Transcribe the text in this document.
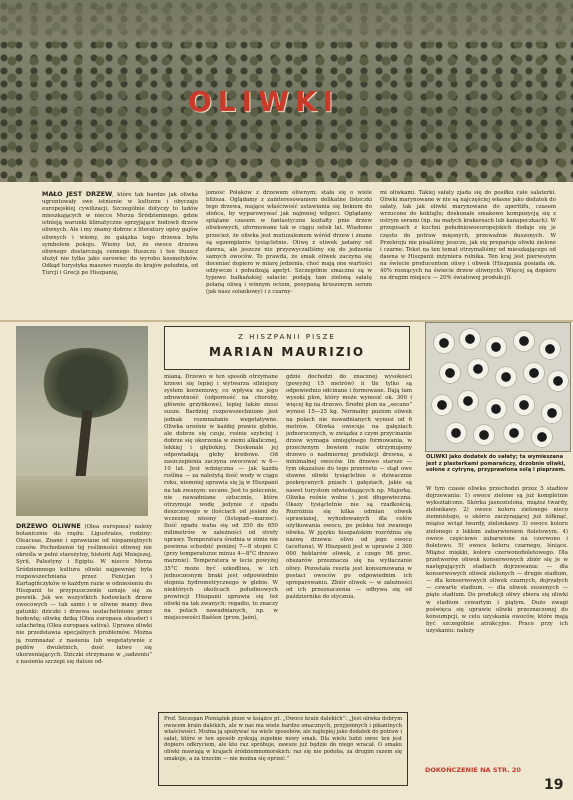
OLIWKI

MAŁO JEST DRZEW, które tak bardzo jak oliwka ugruntowały swe istnienie w kulturze i obyczaju europejskiej cywilizacji. Szczególnie dotyczy to ludów mieszkających w niecce Morza Śródziemnego, gdzie istnieją warunki klimatyczne sprzyjające hodowli drzew oliwnych. Ale i my znamy dobrze z literatury opisy gajów oliwnych i wiemy, że gałązka tego drzewa była symbolem pokoju. Wiemy też, że owoce drzewa oliwnego dostarczają cennego tłuszczu i ten tłuszcz służył nie tylko jako surowiec do wyrobu kosmetyków. Odkąd turystyka masowo ruszyła do krajów południa, od Turcji i Grecji po Hiszpanię,

jomość Polaków z drzewem oliwnym; stała się o wiele bliższa. Oglądamy z zainteresowaniem delikatne listeczki tego drzewa, mające właściwość ustawiania się bokiem do słońca, by wyparowywać jak najmniej wilgoci. Oglądamy splątane czasem w fantastyczne kształty pnie drzew oliwkowych, uformowane tak w ciągu setek lat. Wiadomo przecież, że oliwka jest mutuzalemem wśród drzew i znane są egzemplarze tysiącletnie. Oliwę z oliwek jadamy od dawna, ale jeszcze nie przyzwyczailiśmy się do jedzenia samych owoców. To prawda, że smak oliwek zaczyna się doceniać dopiero w miarę jedzenia, choć mają one wartości odżywcze i pobudzają apetyt. Szczególnie smaczne są w typowo bałkańskiej sałacie: podają tam zieloną sałatę polaną oliwą i winnym octem, posypaną kruszonym serem (jak nasz solankowy) i z czarny-

mi oliwkami. Takiej sałaty zjada się do posiłku całe salaterki. Oliwki marynowane w nie są najczęściej własne jako dodatek do sałaty, tak jak oliwki marynowane do aperitifu, czasem wrzucone do koktajlu; doskonałe smakowo kompozycją się z ostrym serami (np. na małych krakersach lub kanapeczkach). W przepisach z kuchni południowoeuropejskich dodaje się je często do potraw mięsnych, przewaźnie duszonych. W Przekroju nie pisaliśmy jeszcze, jak się preparuje oliwki zielone i czarne. Tekst na ten temat otrzymaliśmy od mieszkającego od dawna w Hiszpanii inżyniera rolnika. Ten kraj jest pierwszym na świecie producentem oliwy i oliwek (Hiszpania posiada ok. 40% rosnących na świecie drzew oliwnych). Więcej są dopiero na drugim miejscu — 20% światowej produkcji).

Z HISZPANII PISZE
MARIAN MAURIZIO

DRZEWO OLIWNE (Olea europaea) należy botanicznie do rzędu: Ligustrales, rodziny: Oleaceae. Znane i uprawiane od niepamiętnych czasów. Pochodzenie tej roślinności oliwnej nie określa w pełni starożytny, historii Azji Mniejszej, Syrii, Palestyny i Egiptu. W niecce Morza Śródziemnego kultura oliwki najpewniej była rozpowszechniana przez Fenicjan i Kartagińczyków w każdym razie w odniesieniu do Hiszpanii te przypuszczenie uznaje się za pewnik. Jak we wszystkich hodowlach drzew owocowych — tak samo i w oliwne mamy dwa gatunki: dziczki i drzewa uszlachetnione przez hodowlę; oliwkę dziką (Olea europaea oleaster) i szlachetną (Olea europaea sativa). Uprawa oliwki nie przedstawia specjalnych problemów. Można ją rozmnażać z nasienia lub wegetatywnie z pędów dwuletnich, dość łatwo się ukorzeniających. Dziczki otrzymane w „sadzeniu” z nasienia szczepi się dalsze od-

mianą. Drzewo w ten sposób otrzymane krzewi się lepiej i wytwarza silniejszy system korzeniowy, co wpływa na jego zdrowotność (odporność na choroby, głównie grzybkowe), lepiej także znosi susze. Bardziej rozpowszechnione jest jednak rozmnażanie wegetatywne. Oliwka urośnie w każdej prawie glebie, ale dobrze się czuje, rośnie szybciej i dobrze się ukorzenia w ziemi alkalicznej, lekkiej i głębokiej. Doskonale jej odpowiadają gleby kredowe. Od zaszczepienia zaczyna owocować w 6—10 lat. Jest wdzięczna — jak każda roślina — za należytą ilość wody w ciągu roku, niemniej uprawia się ją w Hiszpanii na tak zwanym: secano. Jest to polecenie, nie nawadniane sztucznie, które otrzymuje wodę jedynie z opadu deszczowego w ilościach od jesieni do wczesnej wiosny (listopad—marzec). Ilość opadu waha się od 350 do 650 milimetrów w zależności od strefy uprawy. Temperatura średnia w zimie nie powinna schodzić poniżej 7—8 stopni C (przy temperaturze minus 4—8°C drzewo marznie). Temperatura w lecie powyżej 35°C może być szkodliwa, w ich jednoczesnym braki jest odpowiednio stopnia hydrometrycznego w glebie. W niektórych okolicach południowych prowincji Hiszpanii uprawia się też oliwki na tak zwanych: regadio, to znaczy na polach nawadnianych, np. w miejscowości Baéšen (prow. Jaén),

gdzie dochodzi do znacznej wysokości (powyżej 15 metrów) ii tle tylko są odpowiednio odcinane i formowane. Dają tam wysoki plon, który może wynosić ok. 300 i więcej kg na drzewo. Średni plon na „secano” wynosi 15—25 kg. Normalny poziom oliwek na polach nie nawadnianych wynosi od 6 metrów. Oliwka owocuje na gałęziach jednorocznych, w związku z czym przycinanie drzew wymaga umiejętnego formowania, w przeciwnym bowiem razie otrzymujemy drzewo o nadmiernej produkcji drewna, a minimalnej owoców. Im drzewo starsze — tym okazalsze do tego przerostu — stąd owe stawne oliwki tysiącletnie o dziwacznie poskręcanych pniach i gałęziach, jakie są nawet turystom odwiedzających np. Majorkę. Oliwka rośnie wolno i jest długowieczna. Okazy tysiącletnie nie są rzadkością. Rozróżnia się kilka odmian oliwek uprawianej, wyhodowanych dla celów użytkowania owocu, po polsku też zwanego oliwka. W języku hiszpańskim rozróżnia się nazwę drzewa: olivo od jego owocu (aceituna). W Hiszpanii jest w uprawie 2 300 000 hektarów oliwek, z czego 96 proc. obszarów przeznacza się na wytłaczanie oliwy. Pozostała reszta jest konsumowana w postaci owoców po odpowiednim ich spreparowaniu. Zbiór oliwek — w zależności od ich przeznaczenia — odbywa się od października do stycznia.

OLIWKI jako dodatek do sałaty; ta wymieszana jest z plasterkami pomarańczy, drzobnie oliwki, solone z cytryną, przyprawiona solą i pieprzem.

W tym czasie oliwka przechodzi przez 5 stadiów dojrzewania: 1) owoce zielone są już kompletnie wykształcone. Skórka jasnozielona, miąższ twardy, zielonkawy. 2) owoce koloru zielonego nieco ziemnistego, o skórce zaczynającej już żółknąć, miąższ wciąż twardy, zielonkawy. 3) owoce koloru zielonego z lekkim zabarwieniem fioletowym. 4) owoce częściowo zabarwione na czerwono i fioletowo. 5) owoce koloru czarnego, lśniące. Miąższ miękki, koloru czerwonofioletowego. Dla przetworów oliwek konserwowych zbiór się je w następujących stadiach dojrzewania: — dla konserwowych oliwek zielonych — drugie stadium, — dla konserwowych oliwek czarnych, dojrzałych — czwarte stadium, — dla oliwek suszonych — piąte stadium. Do produkcji oliwy zbiera się oliwki w stadium czwartym i piątym. Dużo uwagi poświęca się uprawie oliwki przeznaczonej do konsumpcji, w celu uzyskania owoców, które mają być szczególnie atrakcyjne. Prace przy ich uzyskaniu: należy

Prof. Szczepan Pieniążek pisze w książce pt. „Owoce krain dalekich”: „Jest oliwka dobrym owocem krain dalekich, ale w nas ma wiele bardzo smacznych, przyjemnych i pikantnych właściwości. Można ją spożywać na wiele sposobów, ale najlepiej jako dodatek do potraw i sałat, które w ten sposób zyskują zupełnie nowy smak. Dla wielu ludzi owoc ten jest dopiero odkryciem, ale kto raz spróbuje, zawsze już będzie do niego wracał. O smaku oliwki mawiają w krajach śródziemnomorskich: raz się nie podoba, za drugim razem się smakuje, a za trzecim — nie można się oprzeć.”

DOKOŃCZENIE NA STR. 20
19
